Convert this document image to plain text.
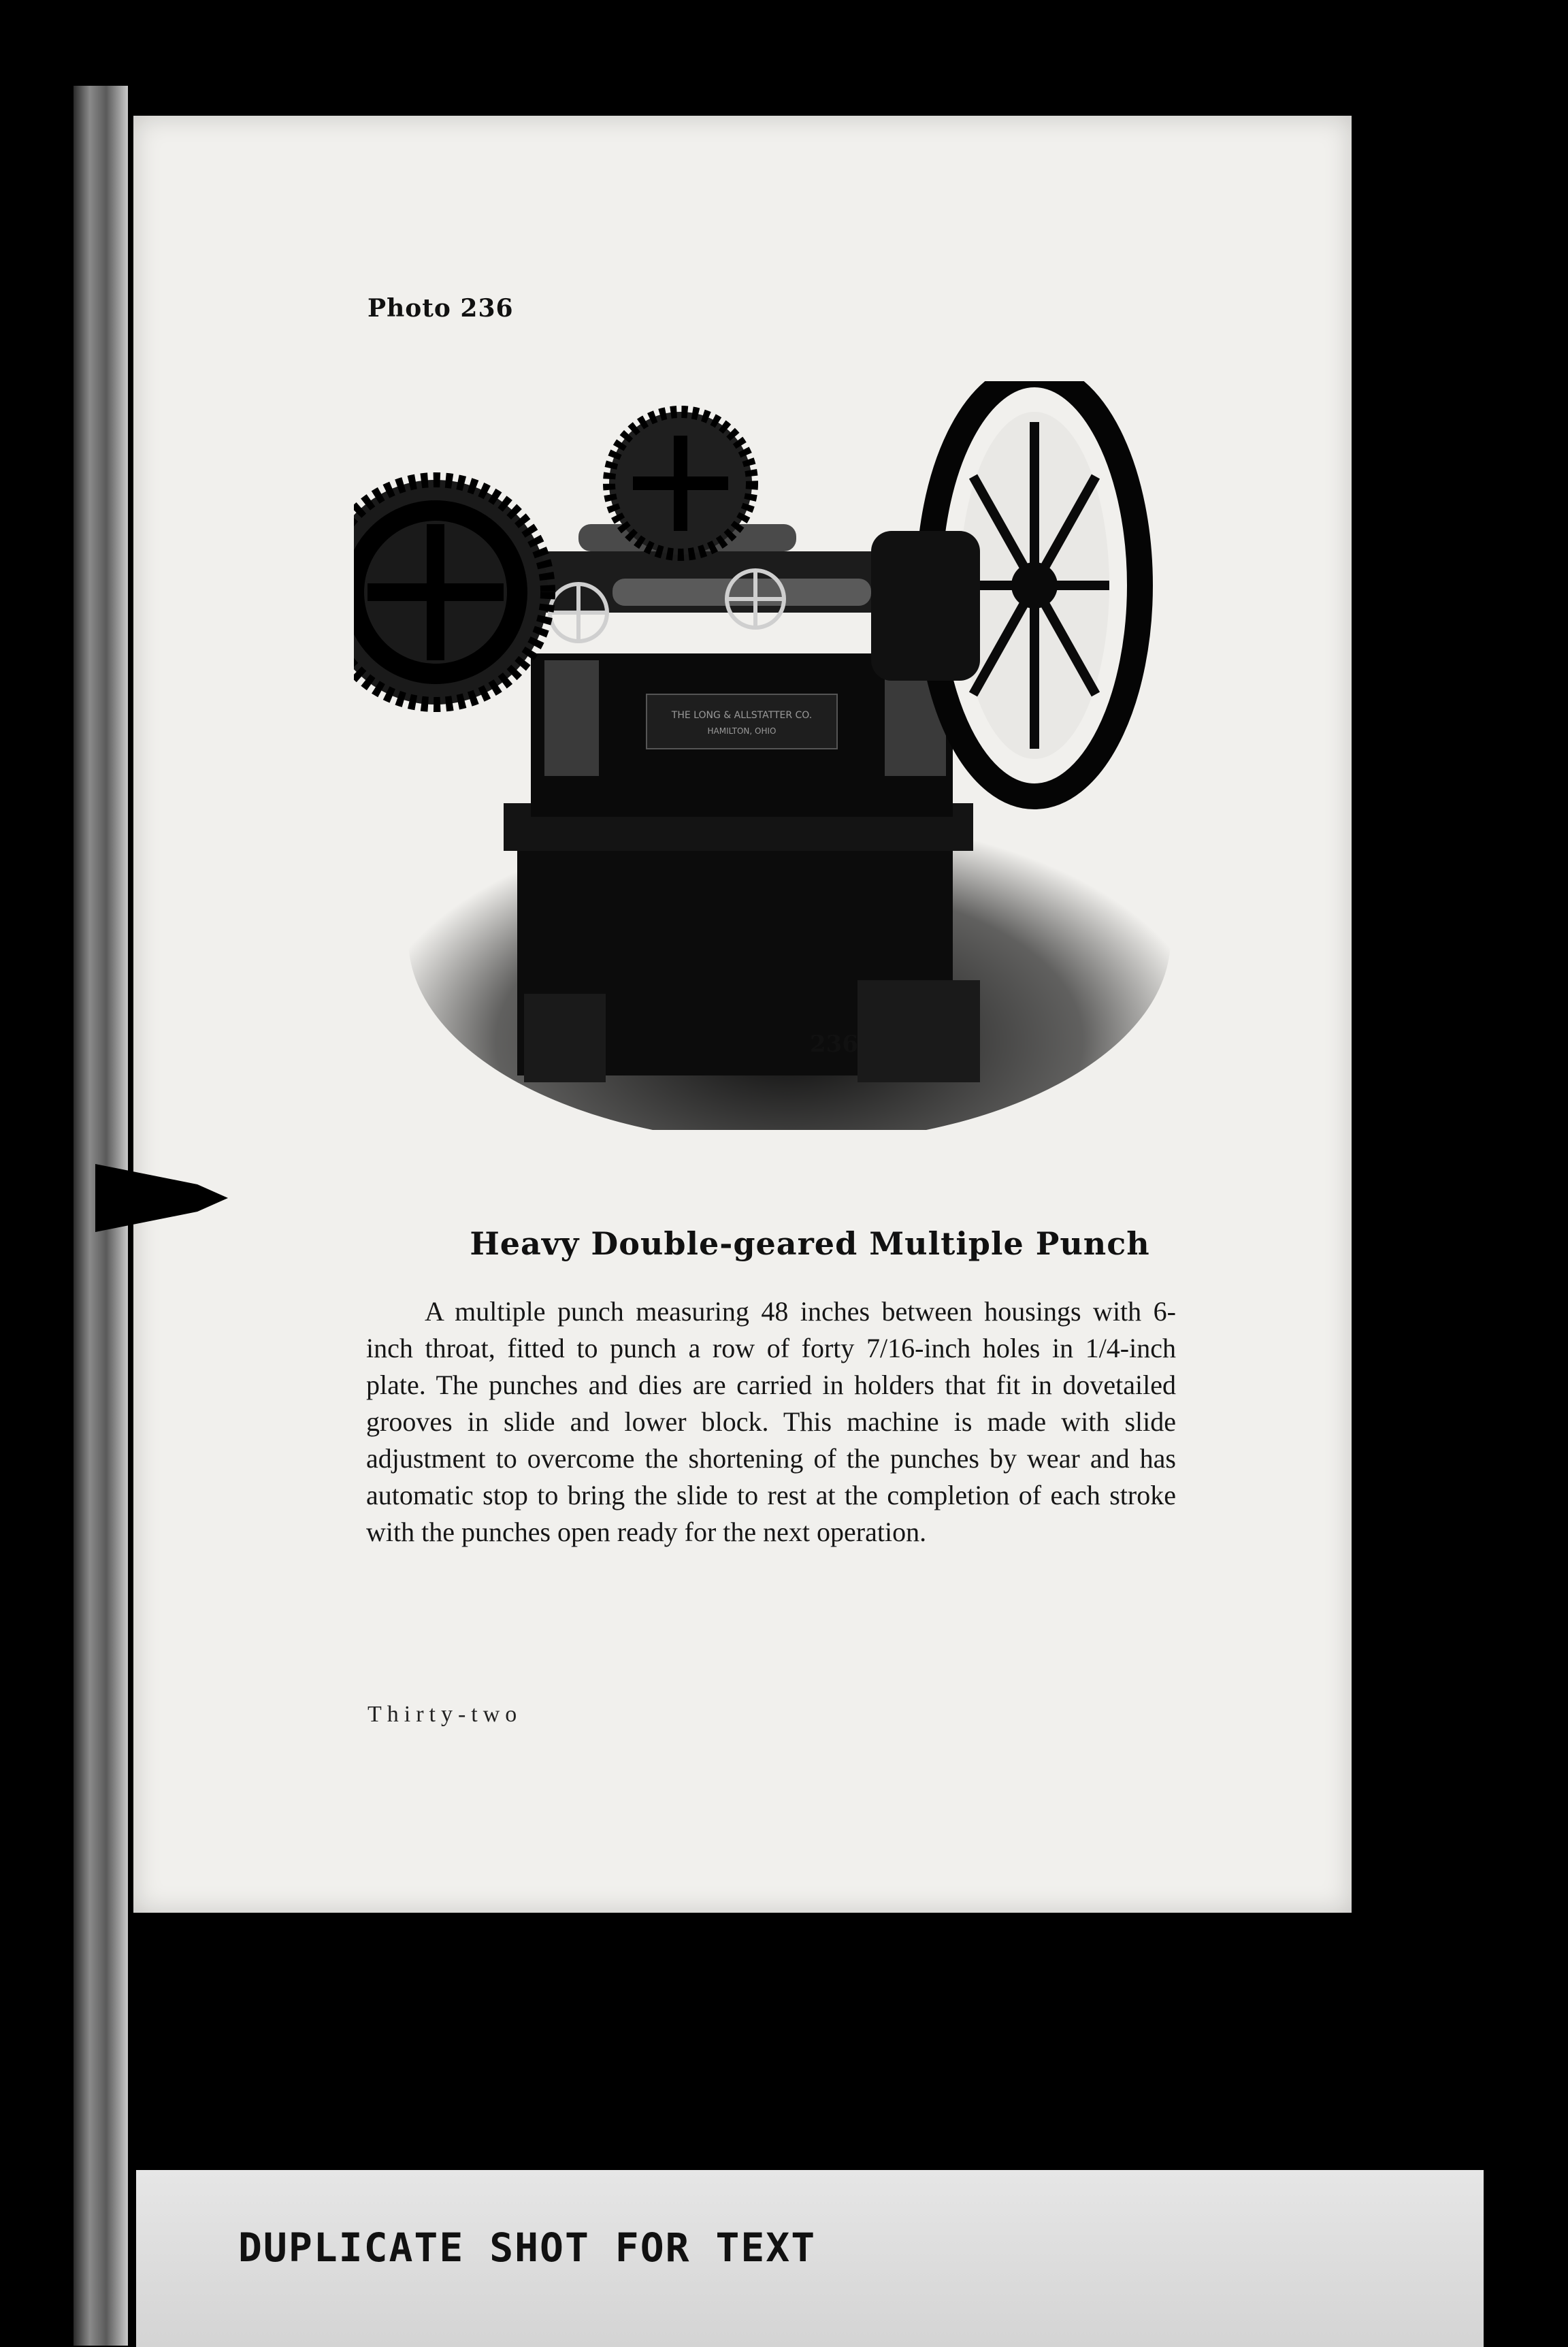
Photo 236
THE LONG & ALLSTATTER CO.
HAMILTON, OHIO
236
Heavy Double-geared Multiple Punch
A multiple punch measuring 48 inches between housings with 6-inch throat, fitted to punch a row of forty 7/16-inch holes in 1/4-inch plate. The punches and dies are carried in holders that fit in dovetailed grooves in slide and lower block. This machine is made with slide adjustment to overcome the shortening of the punches by wear and has automatic stop to bring the slide to rest at the completion of each stroke with the punches open ready for the next operation.
Thirty-two
DUPLICATE SHOT FOR TEXT
